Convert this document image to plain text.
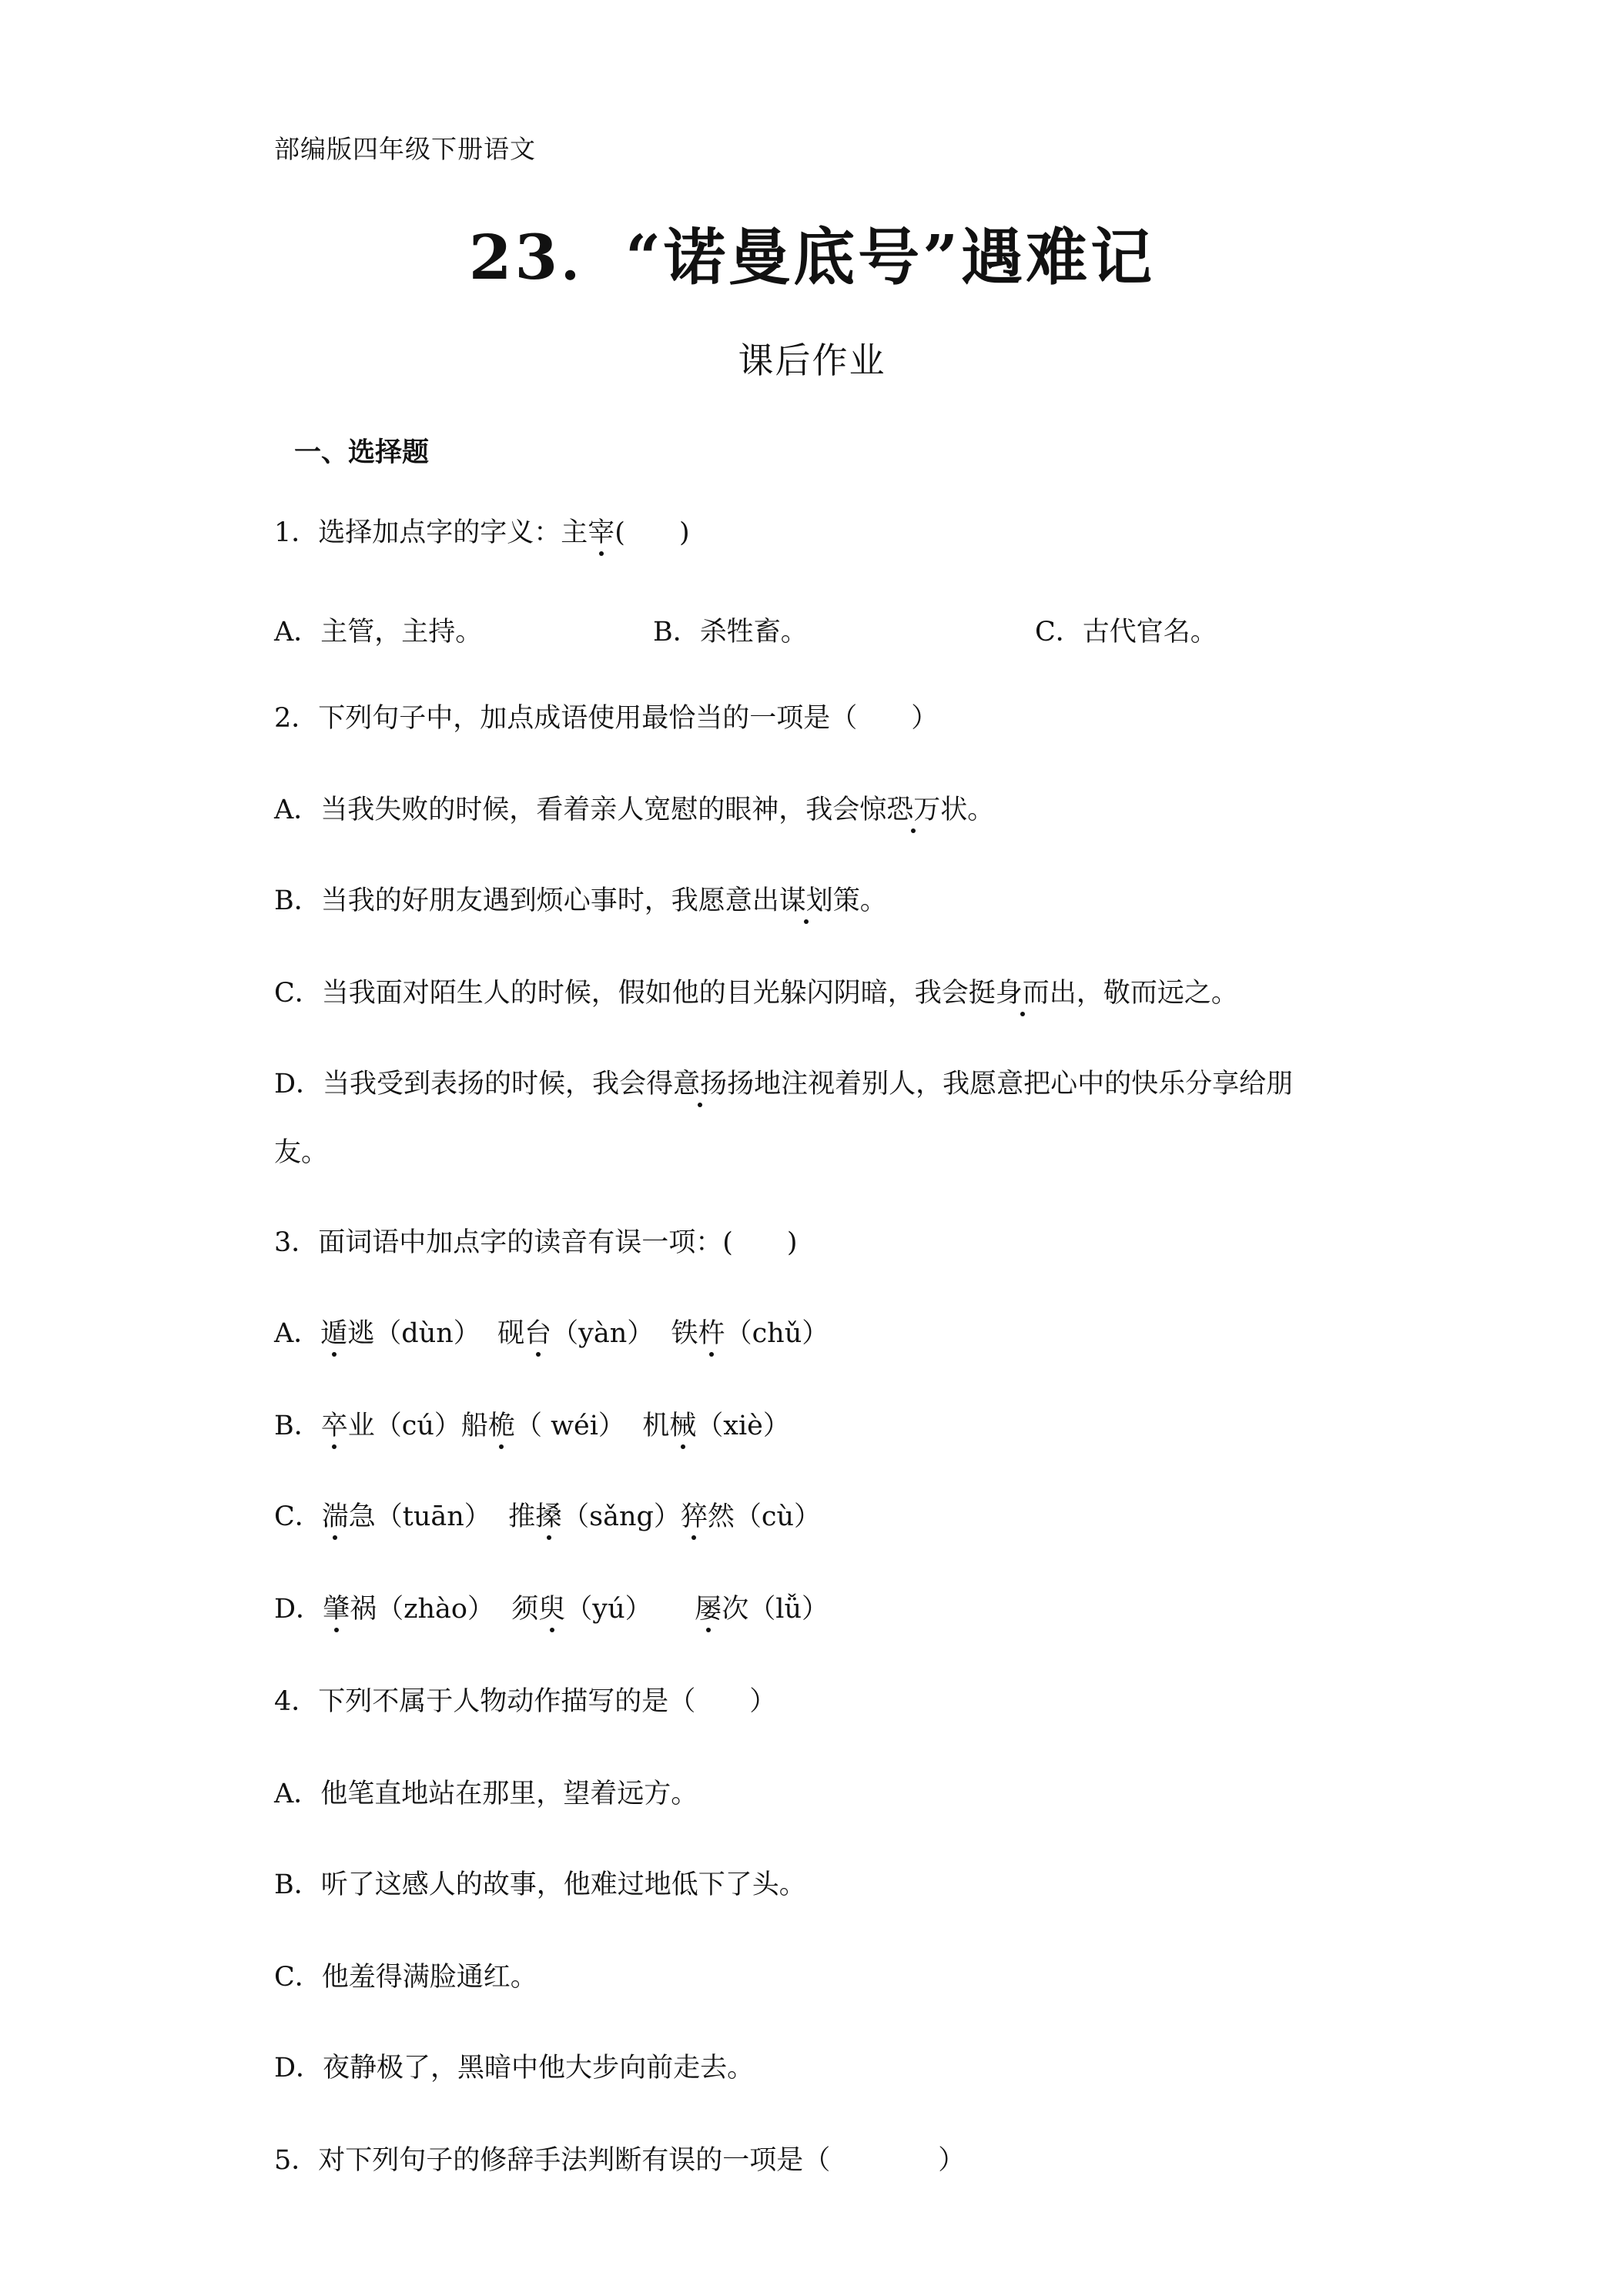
部编版四年级下册语文
23．“诺曼底号”遇难记
课后作业
一、选择题
1．选择加点字的字义：主宰(　　)
A．主管，主持。	B．杀牲畜。	C．古代官名。
2．下列句子中，加点成语使用最恰当的一项是（　　）
A．当我失败的时候，看着亲人宽慰的眼神，我会惊恐万状。
B．当我的好朋友遇到烦心事时，我愿意出谋划策。
C．当我面对陌生人的时候，假如他的目光躲闪阴暗，我会挺身而出，敬而远之。
D．当我受到表扬的时候，我会得意扬扬地注视着别人，我愿意把心中的快乐分享给朋
友。
3．面词语中加点字的读音有误一项：(　　)
A．遁逃（dùn） 砚台（yàn） 铁杵（chǔ）
B．卒业（cú）船桅（ wéi） 机械（xiè）
C．湍急（tuān） 推搡（sǎng）猝然（cù）
D．肇祸（zhào） 须臾（yú） 屡次（lǚ）
4．下列不属于人物动作描写的是（　　）
A．他笔直地站在那里，望着远方。
B．听了这感人的故事，他难过地低下了头。
C．他羞得满脸通红。
D．夜静极了，黑暗中他大步向前走去。
5．对下列句子的修辞手法判断有误的一项是（　　　　）
